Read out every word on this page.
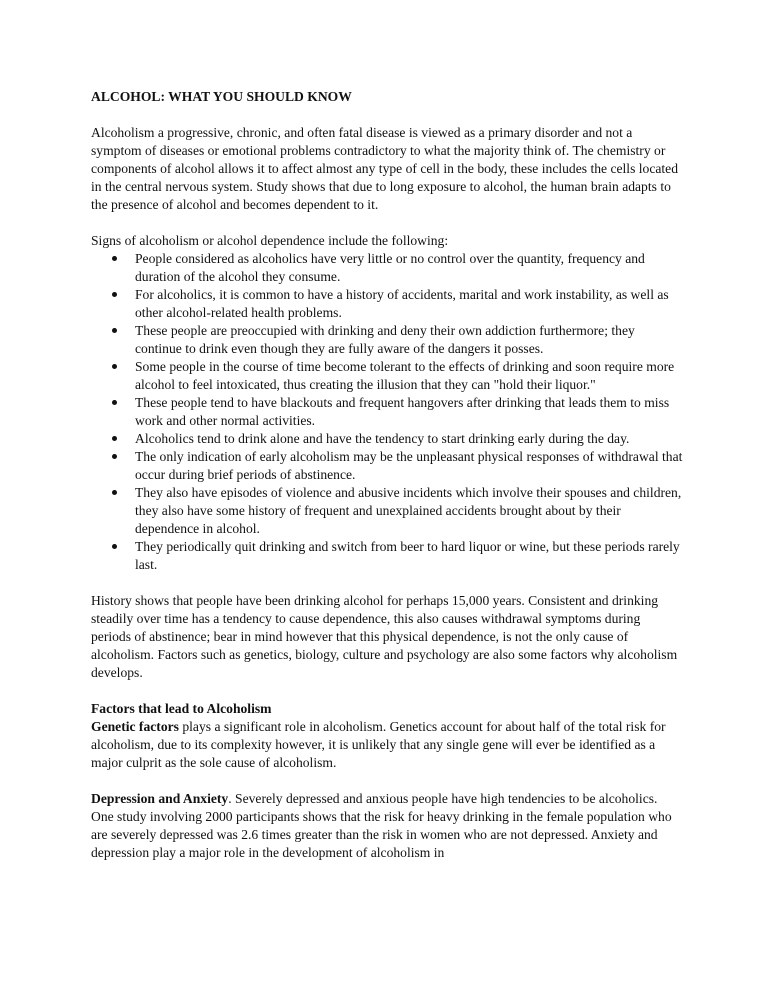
ALCOHOL: WHAT YOU SHOULD KNOW

Alcoholism a progressive, chronic, and often fatal disease is viewed as a primary disorder and not a symptom of diseases or emotional problems contradictory to what the majority think of. The chemistry or components of alcohol allows it to affect almost any type of cell in the body, these includes the cells located in the central nervous system. Study shows that due to long exposure to alcohol, the human brain adapts to the presence of alcohol and becomes dependent to it.

Signs of alcoholism or alcohol dependence include the following:

People considered as alcoholics have very little or no control over the quantity, frequency and duration of the alcohol they consume.
For alcoholics, it is common to have a history of accidents, marital and work instability, as well as other alcohol-related health problems.
These people are preoccupied with drinking and deny their own addiction furthermore; they continue to drink even though they are fully aware of the dangers it posses.
Some people in the course of time become tolerant to the effects of drinking and soon require more alcohol to feel intoxicated, thus creating the illusion that they can "hold their liquor."
These people tend to have blackouts and frequent hangovers after drinking that leads them to miss work and other normal activities.
Alcoholics tend to drink alone and have the tendency to start drinking early during the day.
The only indication of early alcoholism may be the unpleasant physical responses of withdrawal that occur during brief periods of abstinence.
They also have episodes of violence and abusive incidents which involve their spouses and children, they also have some history of frequent and unexplained accidents brought about by their dependence in alcohol.
They periodically quit drinking and switch from beer to hard liquor or wine, but these periods rarely last.

History shows that people have been drinking alcohol for perhaps 15,000 years. Consistent and drinking steadily over time has a tendency to cause dependence, this also causes withdrawal symptoms during periods of abstinence; bear in mind however that this physical dependence, is not the only cause of alcoholism. Factors such as genetics, biology, culture and psychology are also some factors why alcoholism develops.

Factors that lead to Alcoholism
Genetic factors plays a significant role in alcoholism. Genetics account for about half of the total risk for alcoholism, due to its complexity however, it is unlikely that any single gene will ever be identified as a major culprit as the sole cause of alcoholism.
Depression and Anxiety. Severely depressed and anxious people have high tendencies to be alcoholics. One study involving 2000 participants shows that the risk for heavy drinking in the female population who are severely depressed was 2.6 times greater than the risk in women who are not depressed. Anxiety and depression play a major role in the development of alcoholism in
